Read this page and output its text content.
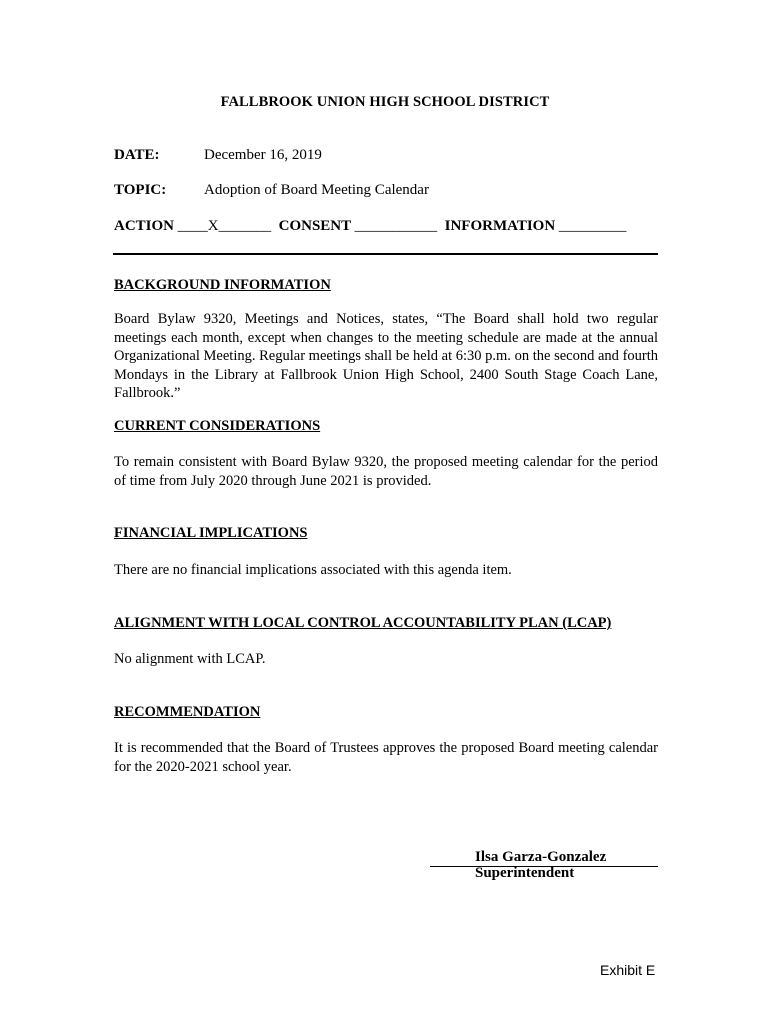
FALLBROOK UNION HIGH SCHOOL DISTRICT
DATE:	December 16, 2019
TOPIC:	Adoption of Board Meeting Calendar
ACTION ____X_______ CONSENT ___________ INFORMATION _________
BACKGROUND INFORMATION
Board Bylaw 9320, Meetings and Notices, states, “The Board shall hold two regular meetings each month, except when changes to the meeting schedule are made at the annual Organizational Meeting. Regular meetings shall be held at 6:30 p.m. on the second and fourth Mondays in the Library at Fallbrook Union High School, 2400 South Stage Coach Lane, Fallbrook.”
CURRENT CONSIDERATIONS
To remain consistent with Board Bylaw 9320, the proposed meeting calendar for the period of time from July 2020 through June 2021 is provided.
FINANCIAL IMPLICATIONS
There are no financial implications associated with this agenda item.
ALIGNMENT WITH LOCAL CONTROL ACCOUNTABILITY PLAN (LCAP)
No alignment with LCAP.
RECOMMENDATION
It is recommended that the Board of Trustees approves the proposed Board meeting calendar for the 2020-2021 school year.
Ilsa Garza-Gonzalez
Superintendent
Exhibit E
